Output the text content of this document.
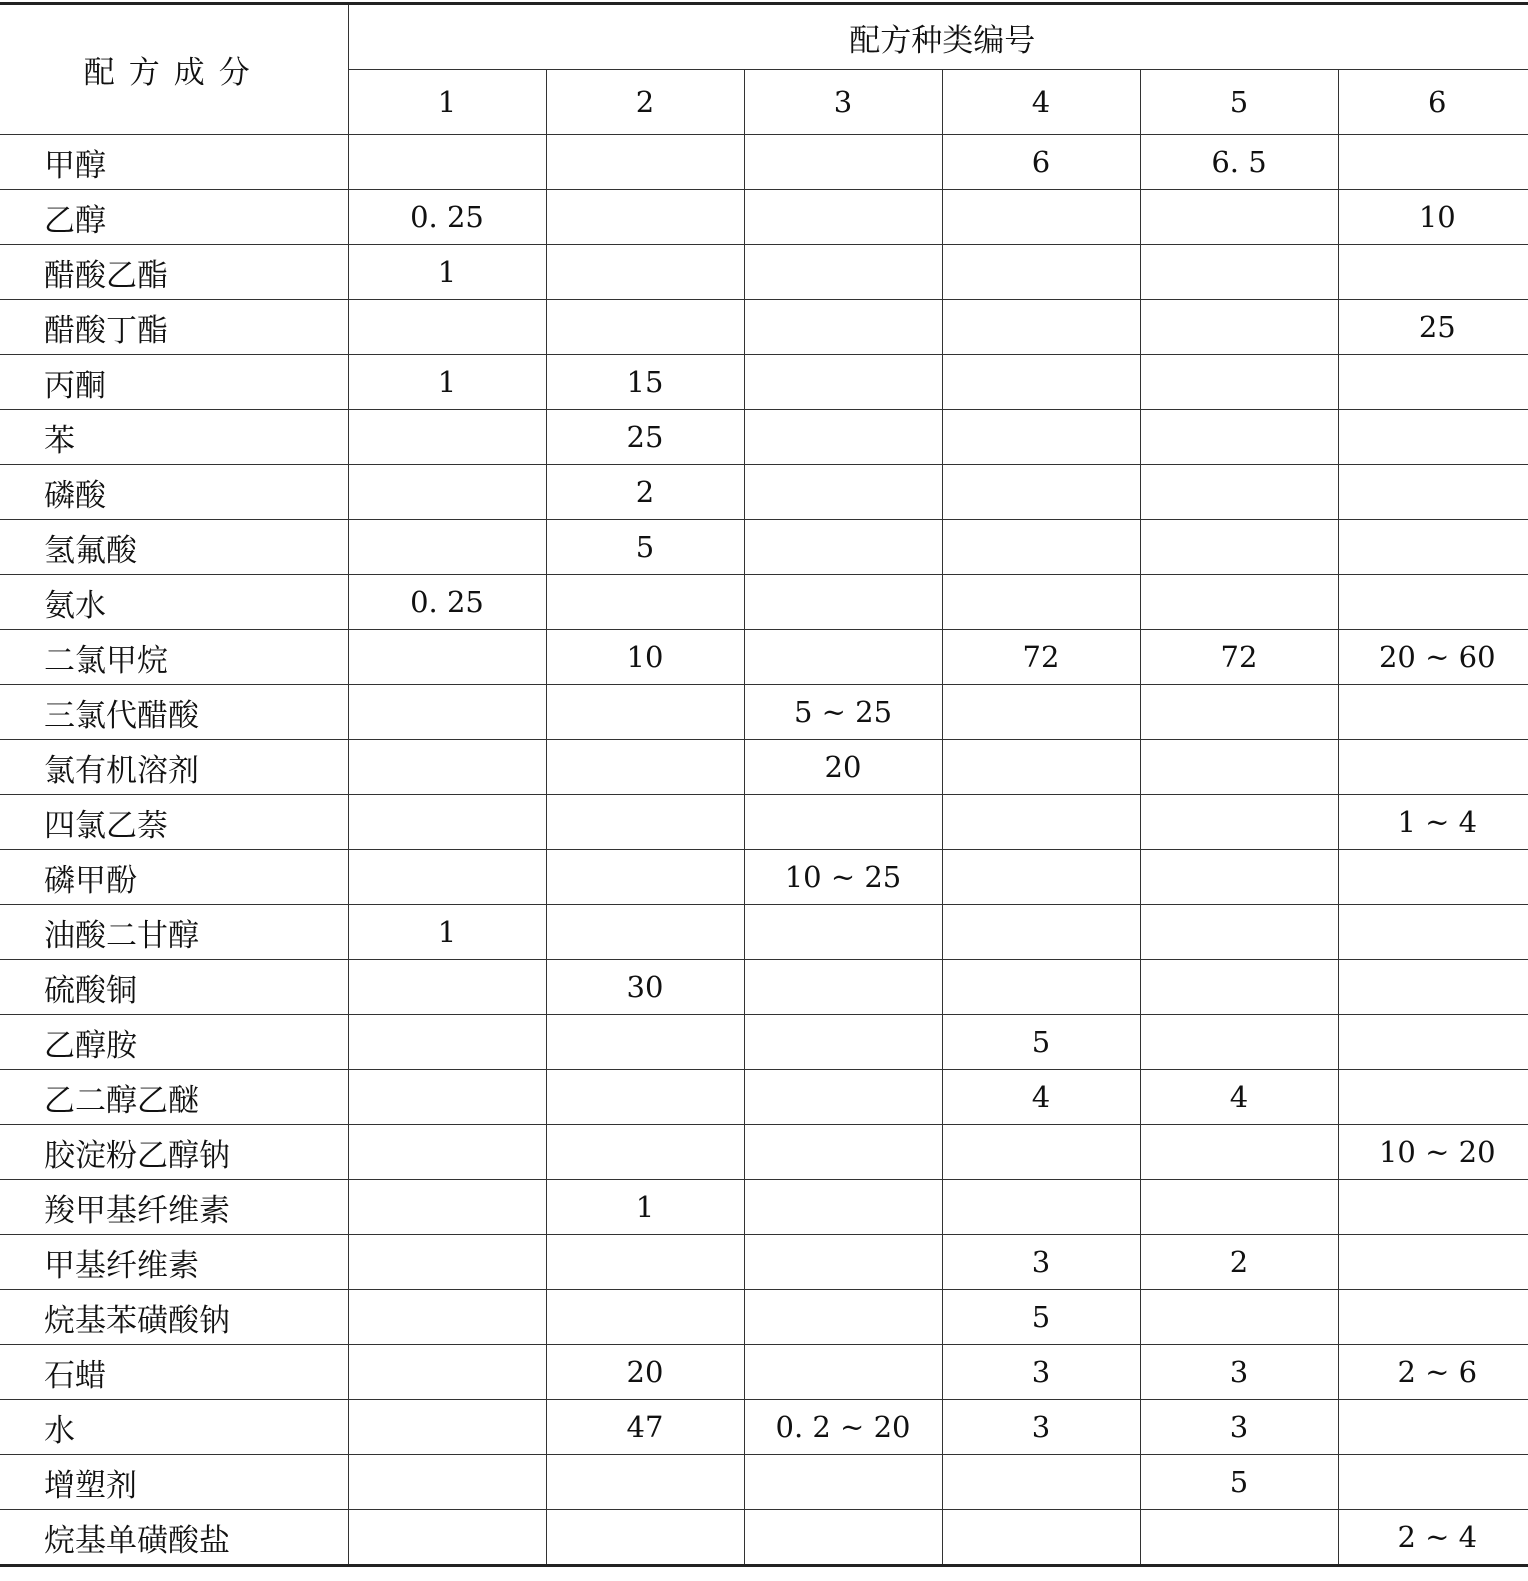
配方成分	配方种类编号					
	1	2	3	4	5	6
甲醇				6	6. 5	
乙醇	0. 25					10
醋酸乙酯	1					
醋酸丁酯						25
丙酮	1	15				
苯		25				
磷酸		2				
氢氟酸		5				
氨水	0. 25					
二氯甲烷		10		72	72	20 ~ 60
三氯代醋酸			5 ~ 25			
氯有机溶剂			20			
四氯乙萘						1 ~ 4
磷甲酚			10 ~ 25			
油酸二甘醇	1					
硫酸铜		30				
乙醇胺				5		
乙二醇乙醚				4	4	
胶淀粉乙醇钠						10 ~ 20
羧甲基纤维素		1				
甲基纤维素				3	2	
烷基苯磺酸钠				5		
石蜡		20		3	3	2 ~ 6
水		47	0. 2 ~ 20	3	3	
增塑剂					5	
烷基单磺酸盐						2 ~ 4
